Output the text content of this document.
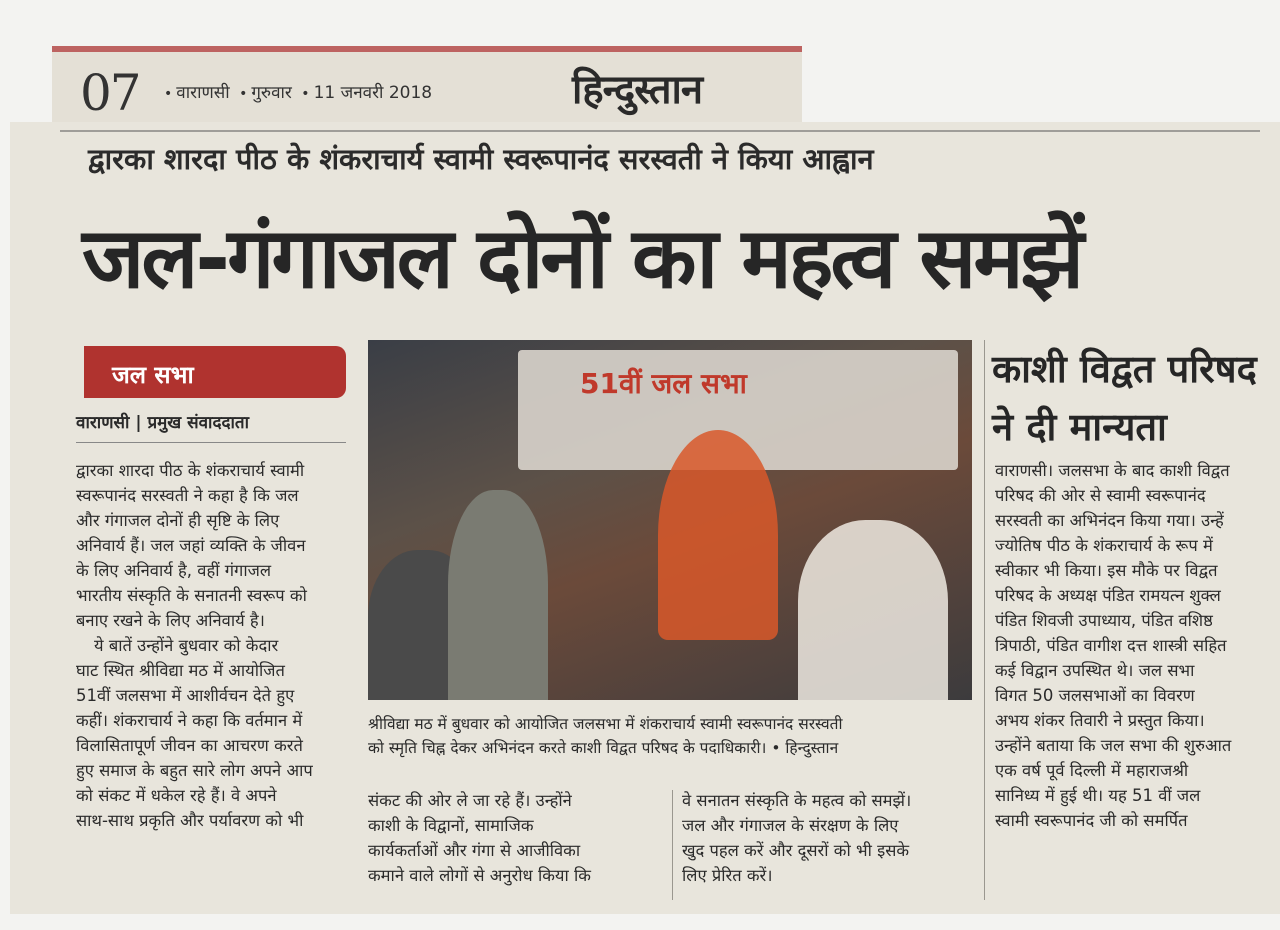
07 • वाराणसी • गुरुवार • 11 जनवरी 2018	हिन्दुस्तान
द्वारका शारदा पीठ के शंकराचार्य स्वामी स्वरूपानंद सरस्वती ने किया आह्वान
जल-गंगाजल दोनों का महत्व समझें
जल सभा
वाराणसी | प्रमुख संवाददाता

द्वारका शारदा पीठ के शंकराचार्य स्वामी

स्वरूपानंद सरस्वती ने कहा है कि जल

और गंगाजल दोनों ही सृष्टि के लिए

अनिवार्य हैं। जल जहां व्यक्ति के जीवन

के लिए अनिवार्य है, वहीं गंगाजल

भारतीय संस्कृति के सनातनी स्वरूप को

बनाए रखने के लिए अनिवार्य है।

ये बातें उन्होंने बुधवार को केदार

घाट स्थित श्रीविद्या मठ में आयोजित

51वीं जलसभा में आशीर्वचन देते हुए

कहीं। शंकराचार्य ने कहा कि वर्तमान में

विलासितापूर्ण जीवन का आचरण करते

हुए समाज के बहुत सारे लोग अपने आप

को संकट में धकेल रहे हैं। वे अपने

साथ-साथ प्रकृति और पर्यावरण को भी

51वीं जल सभा

श्रीविद्या मठ में बुधवार को आयोजित जलसभा में शंकराचार्य स्वामी स्वरूपानंद सरस्वती

को स्मृति चिह्न देकर अभिनंदन करते काशी विद्वत परिषद के पदाधिकारी। • हिन्दुस्तान

संकट की ओर ले जा रहे हैं। उन्होंने

काशी के विद्वानों, सामाजिक

कार्यकर्ताओं और गंगा से आजीविका

कमाने वाले लोगों से अनुरोध किया कि

वे सनातन संस्कृति के महत्व को समझें।

जल और गंगाजल के संरक्षण के लिए

खुद पहल करें और दूसरों को भी इसके

लिए प्रेरित करें।

काशी विद्वत परिषद
ने दी मान्यता

वाराणसी। जलसभा के बाद काशी विद्वत

परिषद की ओर से स्वामी स्वरूपानंद

सरस्वती का अभिनंदन किया गया। उन्हें

ज्योतिष पीठ के शंकराचार्य के रूप में

स्वीकार भी किया। इस मौके पर विद्वत

परिषद के अध्यक्ष पंडित रामयत्न शुक्ल

पंडित शिवजी उपाध्याय, पंडित वशिष्ठ

त्रिपाठी, पंडित वागीश दत्त शास्त्री सहित

कई विद्वान उपस्थित थे। जल सभा

विगत 50 जलसभाओं का विवरण

अभय शंकर तिवारी ने प्रस्तुत किया।

उन्होंने बताया कि जल सभा की शुरुआत

एक वर्ष पूर्व दिल्ली में महाराजश्री

सानिध्य में हुई थी। यह 51 वीं जल

स्वामी स्वरूपानंद जी को समर्पित
